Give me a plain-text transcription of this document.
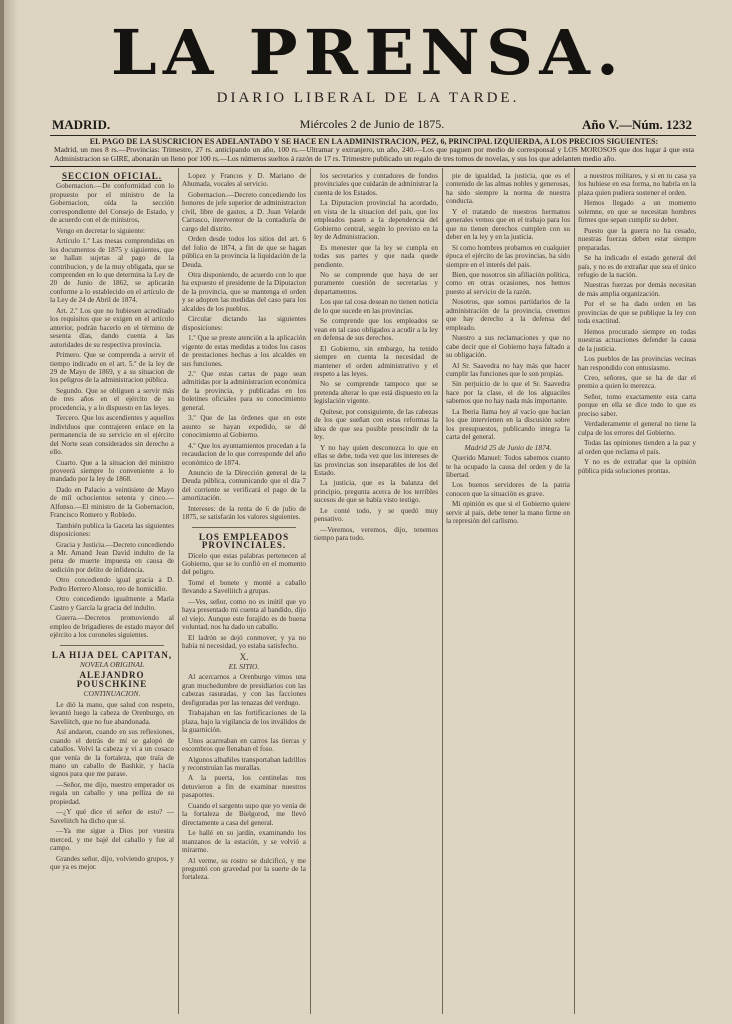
LA PRENSA.
DIARIO LIBERAL DE LA TARDE.
MADRID.	Miércoles 2 de Junio de 1875.	Año V.—Núm. 1232
EL PAGO DE LA SUSCRICION ES ADELANTADO Y SE HACE EN LA ADMINISTRACION, PEZ, 6, PRINCIPAL IZQUIERDA, A LOS PRECIOS SIGUIENTES:
Madrid, un mes 8 rs.—Provincias: Trimestre, 27 rs. anticipando un año, 100 rs.—Ultramar y extranjero, un año, 240.—Los que paguen por medio de corresponsal y LOS MOROSOS que dos lugar á que esta Administracion se GIRE, abonarán un lleno por 100 rs.—Los números sueltos á razón de 17 rs. Trimestre publicado un regalo de tres tomos de novelas, y sus los que adelanten medio año.

SECCION OFICIAL.

Gobernacion.—De conformidad con lo propuesto por el ministro de la Gobernacion, oída la sección correspondiente del Consejo de Estado, y de acuerdo con el de ministros,

Vengo en decretar lo siguiente:

Artículo 1.º Las mesas comprendidas en los documentos de 1875 y siguientes, que se hallan sujetas al pago de la contribucion, y de la muy obligada, que se comprenden en lo que determina la Ley de 20 de Junio de 1862, se aplicarán conforme a lo establecido en el artículo de la Ley de 24 de Abril de 1874.

Art. 2.º Los que no hubiesen acreditado los requisitos que se exigen en el artículo anterior, podrán hacerlo en el término de sesenta días, dando cuenta a las autoridades de su respectiva provincia.

Primero. Que se comprenda a servir el tiempo indicado en el art. 5.º de la ley de 29 de Mayo de 1869, y a su situacion de los peligros de la administracion pública.

Segundo. Que se obliguen a servir más de tres años en el ejército de su procedencia, y a lo dispuesto en las leyes.

Tercero. Que los ascendientes y aquellos individuos que contrajeren enlace en la permanencia de su servicio en el ejército del Norte sean considerados sin derecho a ello.

Cuarto. Que a la situacion del ministro proveerá siempre lo conveniente a lo mandado por la ley de 1868.

Dado en Palacio a veintisiete de Mayo de mil ochocientos setenta y cinco.—Alfonso.—El ministro de la Gobernacion, Francisco Romero y Robledo.

También publica la Gaceta las siguientes disposiciones:

Gracia y Justicia.—Decreto concediendo a Mr. Amand Jean David indulto de la pena de muerte impuesta en causa de sedición por delito de infidencia.

Otro concediendo igual gracia a D. Pedro Herrero Alonso, reo de homicidio.

Otro concediendo igualmente a María Castro y García la gracia del indulto.

Guerra.—Decretos promoviendo al empleo de brigadieres de estado mayor del ejército a los coroneles siguientes.

LA HIJA DEL CAPITAN,

NOVELA ORIGINAL

ALEJANDRO POUSCHKINE

CONTINUACION.

Le dió la mano, que salud con respeto, levantó luego la cabeza de Orenburgo, en Saveliitch, que no fue abandonada.

Así andaron, cuando en sus reflexiones, cuando el detrás de mí se galopó de caballos. Volví la cabeza y vi a un cosaco que venía de la fortaleza, que traía de mano un caballo de Bashkir, y hacía signos para que me parase.

—Señor, me dijo, nuestro emperador os regala un caballo y una pelliza de su propiedad.

—¿Y qué dice el señor de esto? —Saveliitch ha dicho que sí.

—Ya me sigue a Dios por vuestra merced, y me bajé del caballo y fue al campo.

Grandes señor, dijo, volviendo grupos, y que ya es mejor.

Lopez y Francos y D. Mariano de Ahumada, vocales al servicio.

Gobernacion.—Decreto concediendo los honores de jefe superior de administracion civil, libre de gastos, a D. Juan Velarde Carrasco, interventor de la contaduría de cargo del distrito.

Orden desde todos los sitios del art. 6 del folio de 1874, a fin de que se hagan pública en la provincia la liquidación de la Deuda.

Otra disponiendo, de acuerdo con lo que ha expuesto el presidente de la Diputacion de la provincia, que se mantenga el orden y se adopten las medidas del caso para los alcaldes de los pueblos.

Circular dictando las siguientes disposiciones:

1.º Que se preste atención a la aplicación vigente de estas medidas a todos los casos de prestaciones hechas a los alcaldes en sus funciones.

2.º Que estas cartas de pago sean admitidas por la administracion económica de la provincia, y publicadas en los boletines oficiales para su conocimiento general.

3.º Que de las órdenes que en este asunto se hayan expedido, se dé conocimiento al Gobierno.

4.º Que los ayuntamientos procedan a la recaudacion de lo que corresponde del año económico de 1874.

Anuncio de la Dirección general de la Deuda pública, comunicando que el día 7 del corriente se verificará el pago de la amortización.

Intereses: de la renta de 6 de julio de 1875, se satisfarán los valores siguientes.

LOS EMPLEADOS PROVINCIALES.

Dícelo que estas palabras pertenecen al Gobierno, que se lo confió en el momento del peligro.

Tomé el bonete y monté a caballo llevando a Saveliitch a grupas.

—Ves, señor, como no es inútil que yo haya presentado mi cuenta al bandido, dijo el viejo. Aunque este forajido es de buena voluntad, nos ha dado un caballo.

El ladrón se dejó conmover, y ya no había ni necesidad, yo estaba satisfecho.

X.

EL SITIO.

Al acercarnos a Orenburgo vimos una gran muchedumbre de presidiarios con las cabezas rasuradas, y con las facciones desfiguradas por las tenazas del verdugo.

Trabajaban en las fortificaciones de la plaza, bajo la vigilancia de los inválidos de la guarnición.

Unos acarreaban en carros las tierras y escombros que llenaban el foso.

Algunos albañiles transportaban ladrillos y reconstruían las murallas.

A la puerta, los centinelas nos detuvieron a fin de examinar nuestros pasaportes.

Cuando el sargento supo que yo venía de la fortaleza de Bielgorod, me llevó directamente a casa del general.

Le hallé en su jardín, examinando los manzanos de la estación, y se volvió a mirarme.

Al verme, su rostro se dulcificó, y me preguntó con gravedad por la suerte de la fortaleza.

los secretarios y contadores de fondos provinciales que cuidarán de administrar la cuenta de los Estados.

La Diputacion provincial ha acordado, en vista de la situacion del país, que los empleados pasen a la dependencia del Gobierno central, según lo previsto en la ley de Administracion.

Es menester que la ley se cumpla en todas sus partes y que nada quede pendiente.

No se comprende que haya de ser puramente cuestión de secretarías y departamentos.

Los que tal cosa desean no tienen noticia de lo que sucede en las provincias.

Se comprende que los empleados se vean en tal caso obligados a acudir a la ley en defensa de sus derechos.

El Gobierno, sin embargo, ha tenido siempre en cuenta la necesidad de mantener el orden administrativo y el respeto a las leyes.

No se comprende tampoco que se pretenda alterar lo que está dispuesto en la legislación vigente.

Quítese, por consiguiente, de las cabezas de los que sueñan con estas reformas la idea de que sea posible prescindir de la ley.

Y no hay quien desconozca lo que en ellas se debe, toda vez que los intereses de las provincias son inseparables de los del Estado.

La justicia, que es la balanza del principio, pregunta acerca de los terribles sucesos de que se había visto testigo.

Le conté todo, y se quedó muy pensativo.

—Veremos, veremos, dijo, tenemos tiempo para todo.

pie de igualdad, la justicia, que es el contenido de las almas nobles y generosas, ha sido siempre la norma de nuestra conducta.

Y el tratando de nuestros hermanos generales vemos que en el trabajo para los que no tienen derechos cumplen con su deber en la ley y en la justicia.

Si como hombres probamos en cualquier época el ejército de las provincias, ha sido siempre en el interés del país.

Bien, que nosotros sin afiliación política, como en otras ocasiones, nos hemos puesto al servicio de la razón.

Nosotros, que somos partidarios de la administración de la provincia, creemos que hay derecho a la defensa del empleado.

Nuestro a sus reclamaciones y que no cabe decir que el Gobierno haya faltado a su obligación.

Al Sr. Saavedra no hay más que hacer cumplir las funciones que le son propias.

Sin perjuicio de lo que el Sr. Saavedra hace por la clase, el de los alguaciles sabemos que no hay nada más importante.

La Iberia llama hoy al vacío que hacían los que intervienen en la discusión sobre los presupuestos, publicando integra la carta del general.

Madrid 25 de Junio de 1874.

Querido Manuel: Todos sabemos cuanto te ha ocupado la causa del orden y de la libertad.

Los buenos servidores de la patria conocen que la situación es grave.

Mi opinión es que si el Gobierno quiere servir al país, debe tener la mano firme en la represión del carlismo.

a nuestros militares, y si en tu casa ya los hubiese en esa forma, no habría en la plaza quien pudiera sostener el orden.

Hemos llegado a un momento solemne, en que se necesitan hombres firmes que sepan cumplir su deber.

Puesto que la guerra no ha cesado, nuestras fuerzas deben estar siempre preparadas.

Se ha indicado el estado general del país, y no es de extrañar que sea el único refugio de la nación.

Nuestras fuerzas por demás necesitan de más amplia organización.

Por el se ha dado orden en las provincias de que se publique la ley con toda exactitud.

Hemos procurado siempre en todas nuestras actuaciones defender la causa de la justicia.

Los pueblos de las provincias vecinas han respondido con entusiasmo.

Creo, señores, que se ha de dar el premio a quien lo merezca.

Señor, tomo exactamente esta carta porque en ella se dice todo lo que es preciso saber.

Verdaderamente el general no tiene la culpa de los errores del Gobierno.

Todas las opiniones tienden a la paz y al orden que reclama el país.

Y no es de extrañar que la opinión pública pida soluciones prontas.
